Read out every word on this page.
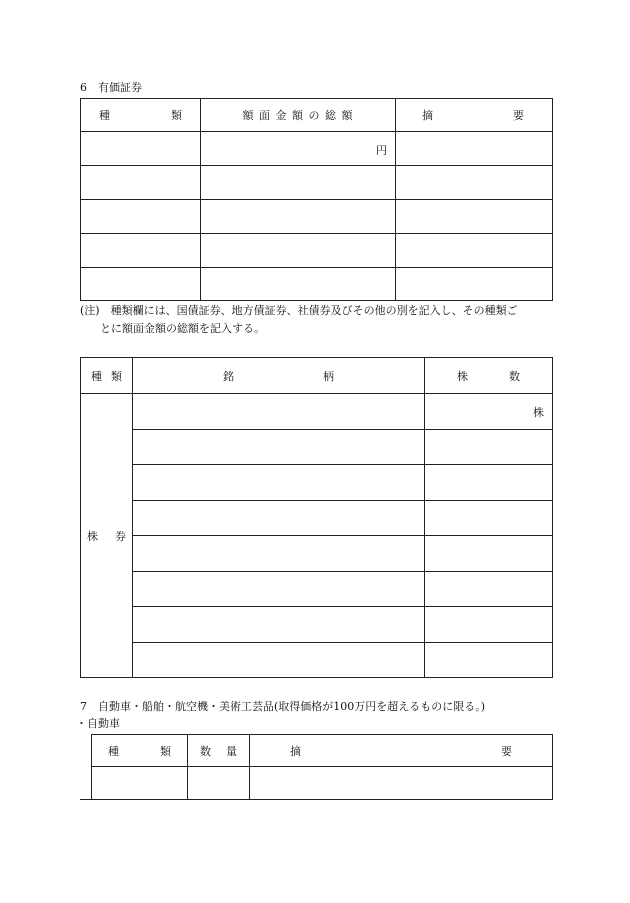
6　有価証券
種 類	額 面 金 額 の 総 額	摘 要

	円	

(注)　種類欄には、国債証券、地方債証券、社債券及びその他の別を記入し、その種類ご
とに額面金額の総額を記入する。
種 類	銘 柄	株 数

株 券		株

7　自動車・船舶・航空機・美術工芸品(取得価格が100万円を超えるものに限る。)
・自動車
種 類	数 量	摘 要
